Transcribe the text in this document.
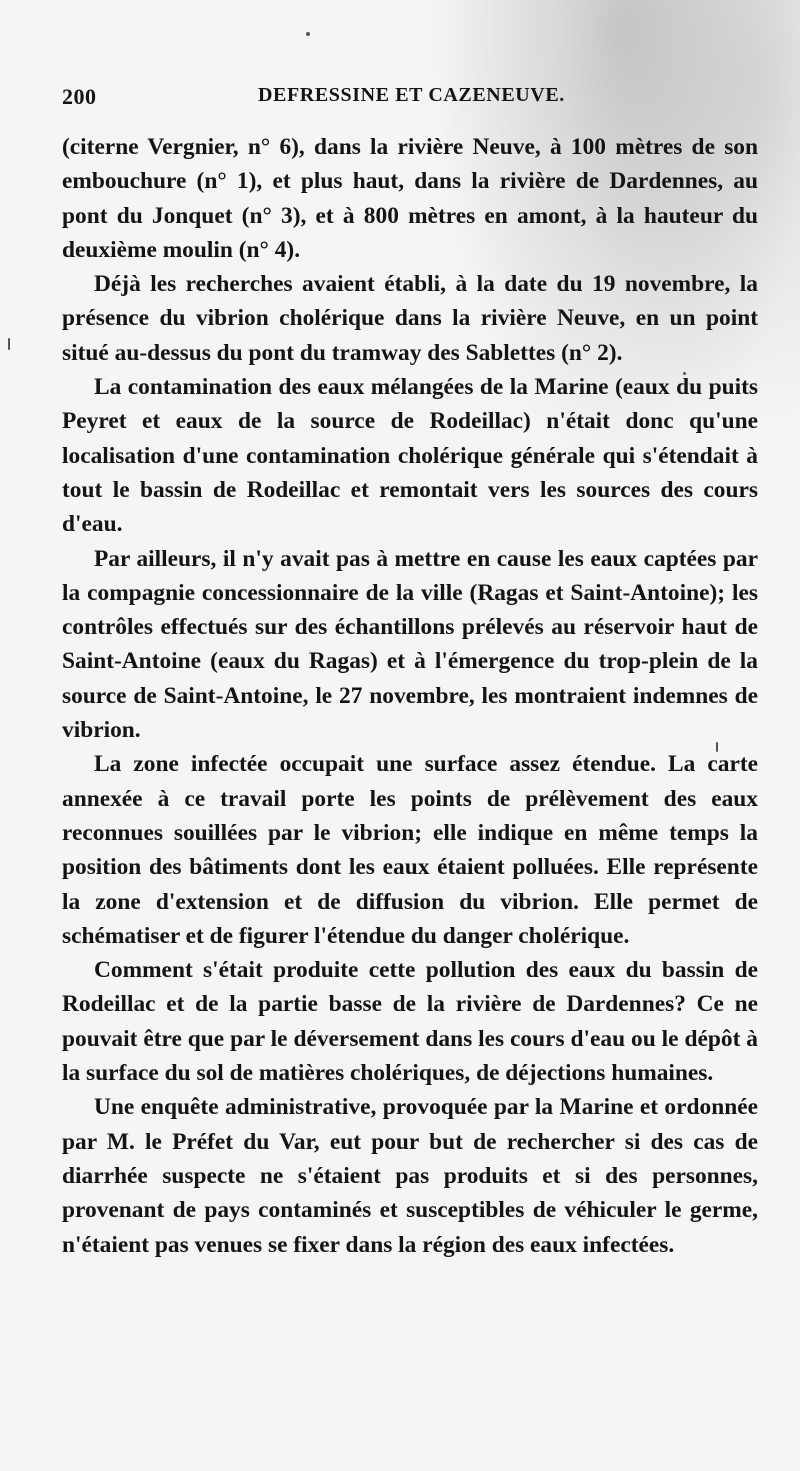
200	DEFRESSINE ET CAZENEUVE.

(citerne Vergnier, n° 6), dans la rivière Neuve, à 100 mètres de son embouchure (n° 1), et plus haut, dans la rivière de Dardennes, au pont du Jonquet (n° 3), et à 800 mètres en amont, à la hauteur du deuxième moulin (n° 4).

Déjà les recherches avaient établi, à la date du 19 novembre, la présence du vibrion cholérique dans la rivière Neuve, en un point situé au-dessus du pont du tramway des Sablettes (n° 2).

La contamination des eaux mélangées de la Marine (eaux du puits Peyret et eaux de la source de Rodeillac) n'était donc qu'une localisation d'une contamination cholérique générale qui s'étendait à tout le bassin de Rodeillac et remontait vers les sources des cours d'eau.

Par ailleurs, il n'y avait pas à mettre en cause les eaux captées par la compagnie concessionnaire de la ville (Ragas et Saint-Antoine); les contrôles effectués sur des échantillons prélevés au réservoir haut de Saint-Antoine (eaux du Ragas) et à l'émergence du trop-plein de la source de Saint-Antoine, le 27 novembre, les montraient indemnes de vibrion.

La zone infectée occupait une surface assez étendue. La carte annexée à ce travail porte les points de prélèvement des eaux reconnues souillées par le vibrion; elle indique en même temps la position des bâtiments dont les eaux étaient polluées. Elle représente la zone d'extension et de diffusion du vibrion. Elle permet de schématiser et de figurer l'étendue du danger cholérique.

Comment s'était produite cette pollution des eaux du bassin de Rodeillac et de la partie basse de la rivière de Dardennes? Ce ne pouvait être que par le déversement dans les cours d'eau ou le dépôt à la surface du sol de matières cholériques, de déjections humaines.

Une enquête administrative, provoquée par la Marine et ordonnée par M. le Préfet du Var, eut pour but de rechercher si des cas de diarrhée suspecte ne s'étaient pas produits et si des personnes, provenant de pays contaminés et susceptibles de véhiculer le germe, n'étaient pas venues se fixer dans la région des eaux infectées.
